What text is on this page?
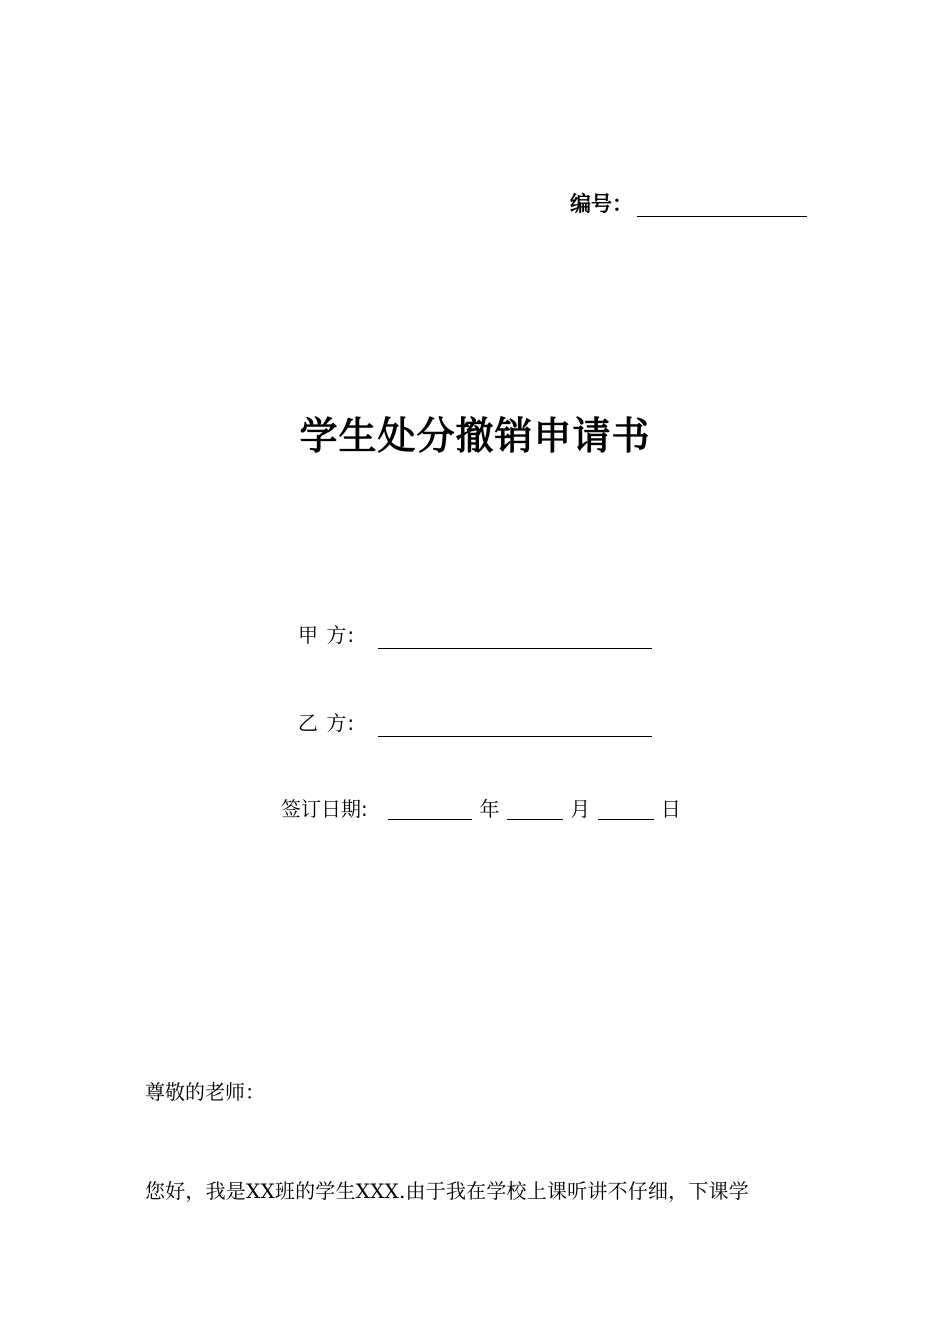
编号：
学生处分撤销申请书
甲 方:
乙 方:
签订日期:	年	月	日
尊敬的老师：
您好，我是XX班的学生XXX.由于我在学校上课听讲不仔细，下课学
